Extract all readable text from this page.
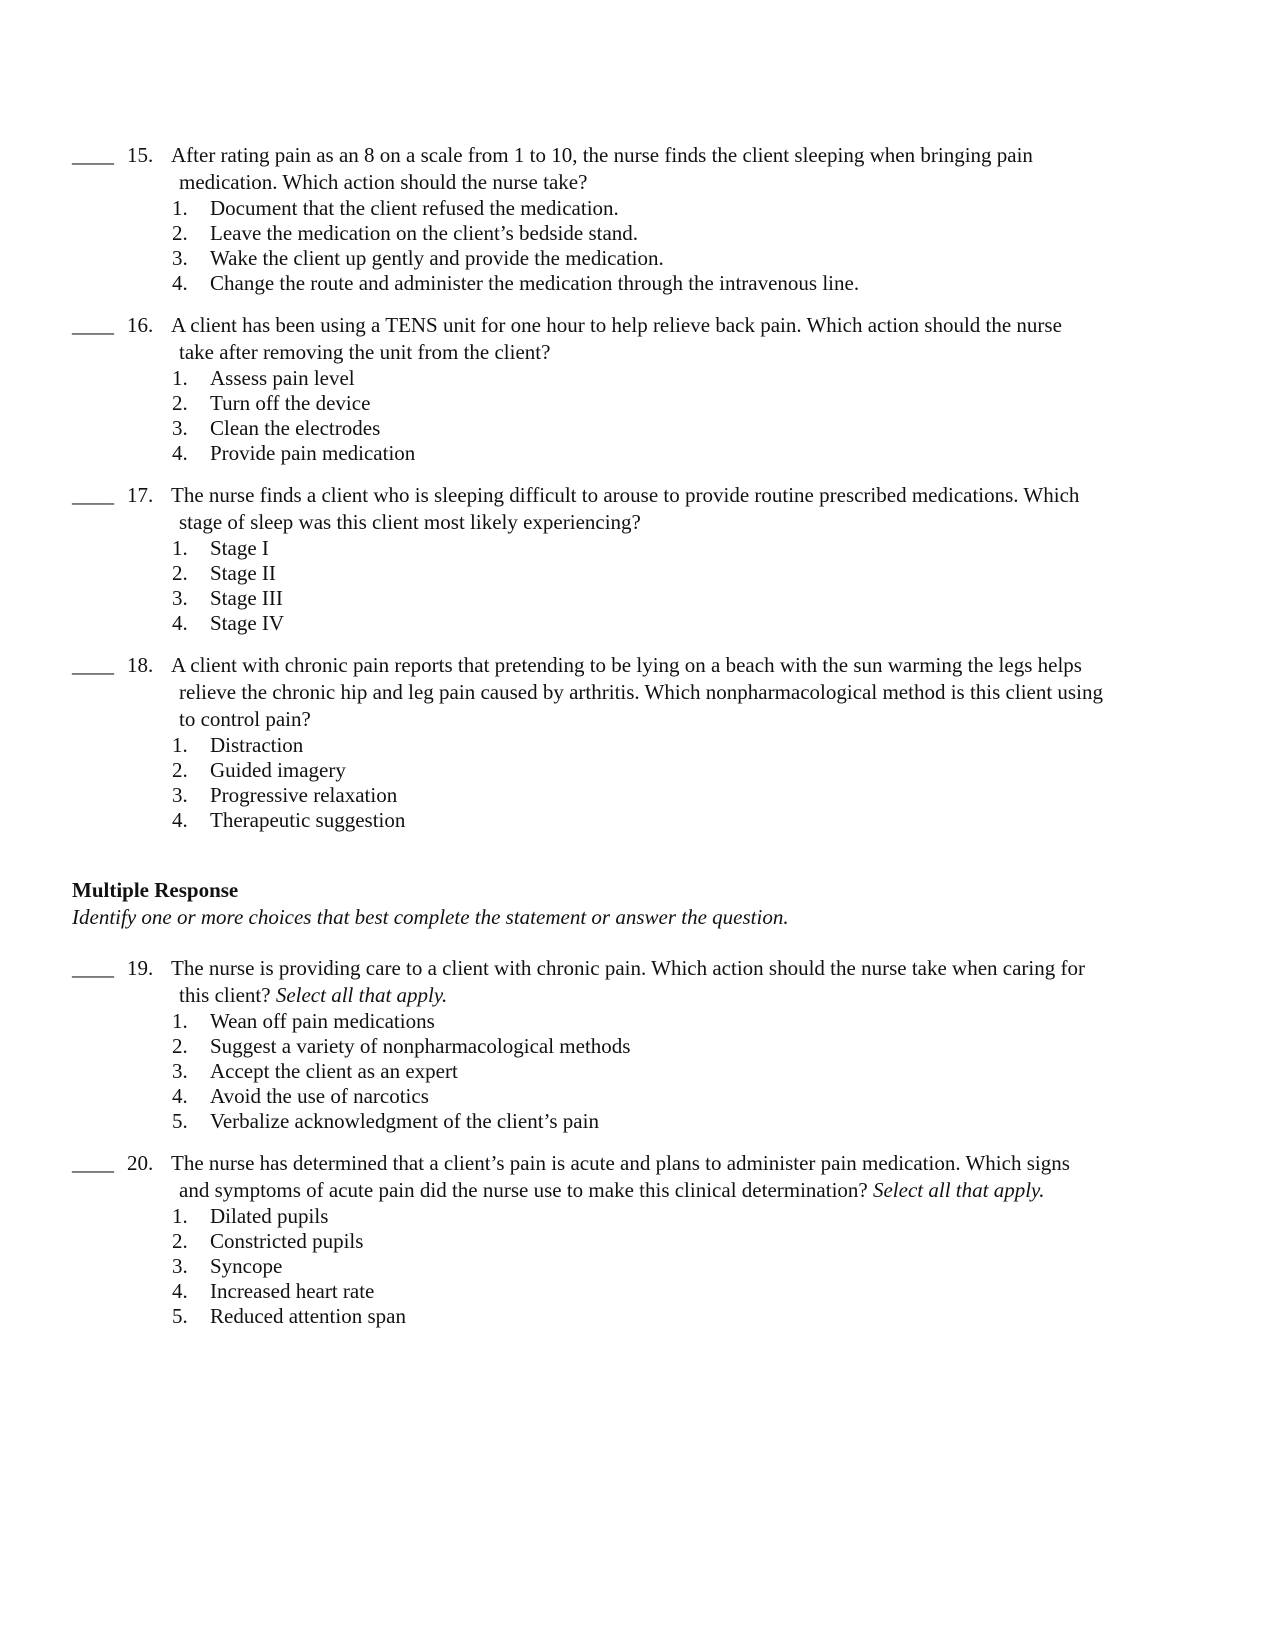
____ 15. After rating pain as an 8 on a scale from 1 to 10, the nurse finds the client sleeping when bringing pain
medication. Which action should the nurse take?
1. Document that the client refused the medication.
2. Leave the medication on the client’s bedside stand.
3. Wake the client up gently and provide the medication.
4. Change the route and administer the medication through the intravenous line.
____ 16. A client has been using a TENS unit for one hour to help relieve back pain. Which action should the nurse
take after removing the unit from the client?
1. Assess pain level
2. Turn off the device
3. Clean the electrodes
4. Provide pain medication
____ 17. The nurse finds a client who is sleeping difficult to arouse to provide routine prescribed medications. Which
stage of sleep was this client most likely experiencing?
1. Stage I
2. Stage II
3. Stage III
4. Stage IV
____ 18. A client with chronic pain reports that pretending to be lying on a beach with the sun warming the legs helps
relieve the chronic hip and leg pain caused by arthritis. Which nonpharmacological method is this client using
to control pain?
1. Distraction
2. Guided imagery
3. Progressive relaxation
4. Therapeutic suggestion
Multiple Response
Identify one or more choices that best complete the statement or answer the question.
____ 19. The nurse is providing care to a client with chronic pain. Which action should the nurse take when caring for
this client? Select all that apply.
1. Wean off pain medications
2. Suggest a variety of nonpharmacological methods
3. Accept the client as an expert
4. Avoid the use of narcotics
5. Verbalize acknowledgment of the client’s pain
____ 20. The nurse has determined that a client’s pain is acute and plans to administer pain medication. Which signs
and symptoms of acute pain did the nurse use to make this clinical determination? Select all that apply.
1. Dilated pupils
2. Constricted pupils
3. Syncope
4. Increased heart rate
5. Reduced attention span
